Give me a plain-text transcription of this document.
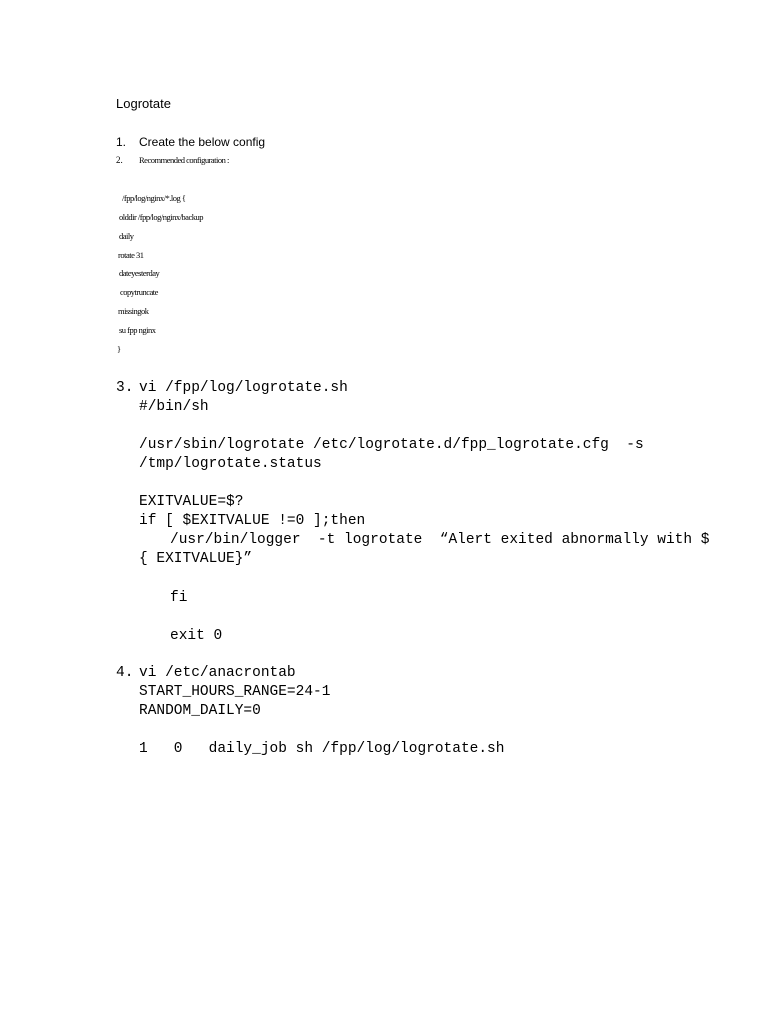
Logrotate
1. Create the below config
2. Recommended configuration :
/fpp/log/nginx/*.log {
olddir /fpp/log/nginx/backup
daily
rotate 31
dateyesterday
copytruncate
missingok
su fpp nginx
}
3. vi /fpp/log/logrotate.sh
#/bin/sh
/usr/sbin/logrotate /etc/logrotate.d/fpp_logrotate.cfg  -s
/tmp/logrotate.status
EXITVALUE=$?
if [ $EXITVALUE !=0 ];then
/usr/bin/logger  -t logrotate  “Alert exited abnormally with $
{ EXITVALUE}”
fi
exit 0
4. vi /etc/anacrontab
START_HOURS_RANGE=24-1
RANDOM_DAILY=0
1   0   daily_job sh /fpp/log/logrotate.sh
